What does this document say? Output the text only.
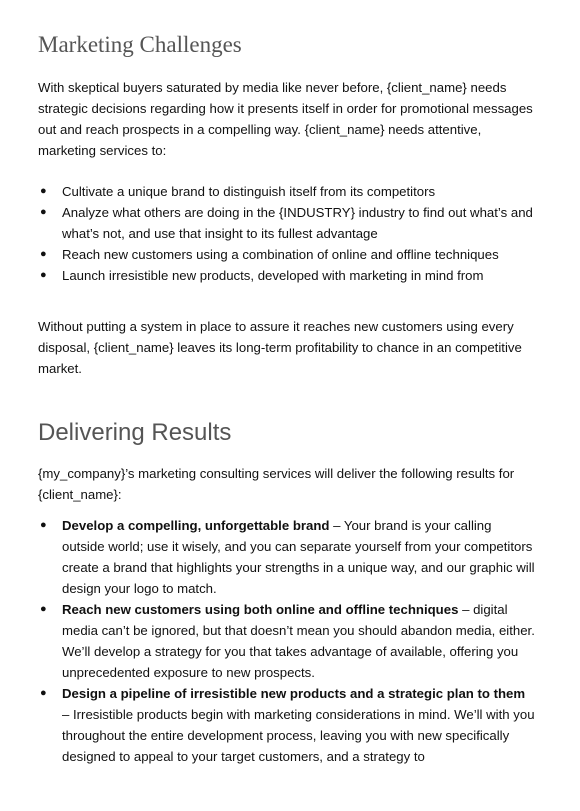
Marketing Challenges

With skeptical buyers saturated by media like never before, {client_name} needs strategic decisions regarding how it presents itself in order for promotional messages out and reach prospects in a compelling way. {client_name} needs attentive, marketing services to:

● Cultivate a unique brand to distinguish itself from its competitors
● Analyze what others are doing in the {INDUSTRY} industry to find out what’s and what’s not, and use that insight to its fullest advantage
● Reach new customers using a combination of online and offline techniques
● Launch irresistible new products, developed with marketing in mind from

Without putting a system in place to assure it reaches new customers using every disposal, {client_name} leaves its long-term profitability to chance in an competitive market.

Delivering Results

{my_company}’s marketing consulting services will deliver the following results for {client_name}:

● Develop a compelling, unforgettable brand – Your brand is your calling outside world; use it wisely, and you can separate yourself from your competitors create a brand that highlights your strengths in a unique way, and our graphic will design your logo to match.
● Reach new customers using both online and offline techniques – digital media can’t be ignored, but that doesn’t mean you should abandon media, either. We’ll develop a strategy for you that takes advantage of available, offering you unprecedented exposure to new prospects.
● Design a pipeline of irresistible new products and a strategic plan to them – Irresistible products begin with marketing considerations in mind. We’ll with you throughout the entire development process, leaving you with new specifically designed to appeal to your target customers, and a strategy to
